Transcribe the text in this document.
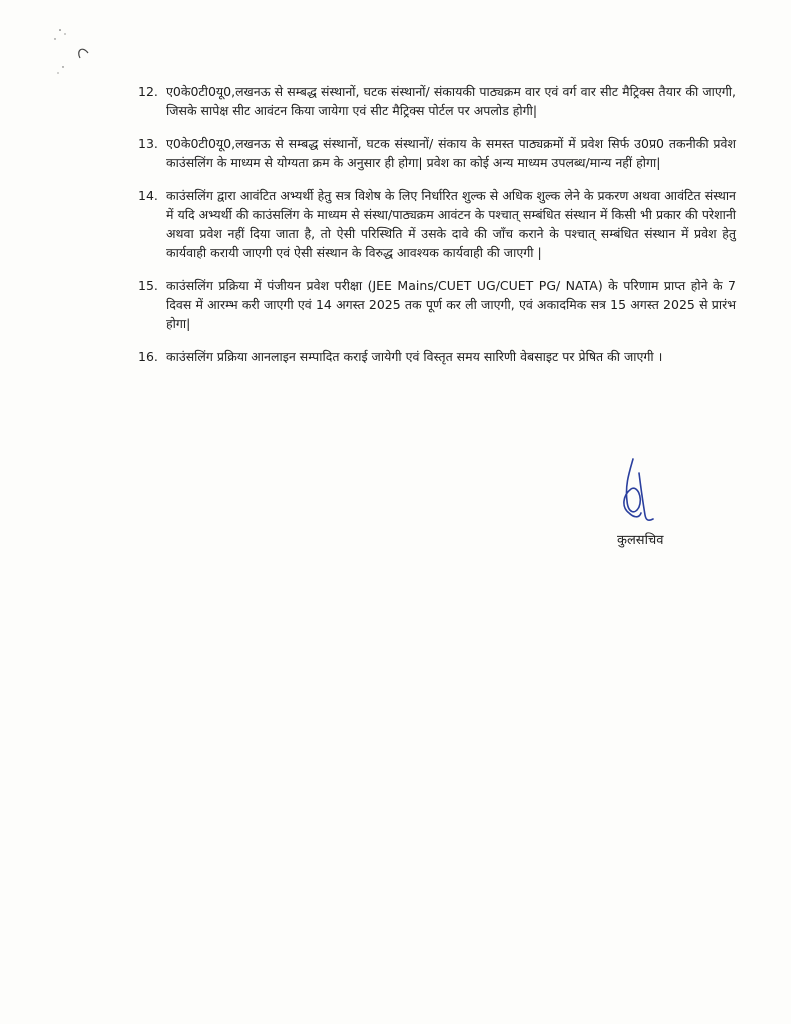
12. ए0के0टी0यू0,लखनऊ से सम्बद्ध संस्थानों, घटक संस्थानों/ संकायकी पाठ्यक्रम वार एवं वर्ग वार सीट मैट्रिक्स तैयार की जाएगी, जिसके सापेक्ष सीट आवंटन किया जायेगा एवं सीट मैट्रिक्स पोर्टल पर अपलोड होगी|
13. ए0के0टी0यू0,लखनऊ से सम्बद्ध संस्थानों, घटक संस्थानों/ संकाय के समस्त पाठ्यक्रमों में प्रवेश सिर्फ उ0प्र0 तकनीकी प्रवेश काउंसलिंग के माध्यम से योग्यता क्रम के अनुसार ही होगा| प्रवेश का कोई अन्य माध्यम उपलब्ध/मान्य नहीं होगा|
14. काउंसलिंग द्वारा आवंटित अभ्यर्थी हेतु सत्र विशेष के लिए निर्धारित शुल्क से अधिक शुल्क लेने के प्रकरण अथवा आवंटित संस्थान में यदि अभ्यर्थी की काउंसलिंग के माध्यम से संस्था/पाठ्यक्रम आवंटन के पश्चात् सम्बंधित संस्थान में किसी भी प्रकार की परेशानी अथवा प्रवेश नहीं दिया जाता है, तो ऐसी परिस्थिति में उसके दावे की जाँच कराने के पश्चात् सम्बंधित संस्थान में प्रवेश हेतु कार्यवाही करायी जाएगी एवं ऐसी संस्थान के विरुद्ध आवश्यक कार्यवाही की जाएगी |
15. काउंसलिंग प्रक्रिया में पंजीयन प्रवेश परीक्षा (JEE Mains/CUET UG/CUET PG/ NATA) के परिणाम प्राप्त होने के 7 दिवस में आरम्भ करी जाएगी एवं 14 अगस्त 2025 तक पूर्ण कर ली जाएगी, एवं अकादमिक सत्र 15 अगस्त 2025 से प्रारंभ होगा|
16. काउंसलिंग प्रक्रिया आनलाइन सम्पादित कराई जायेगी एवं विस्तृत समय सारिणी वेबसाइट पर प्रेषित की जाएगी ।
कुलसचिव
